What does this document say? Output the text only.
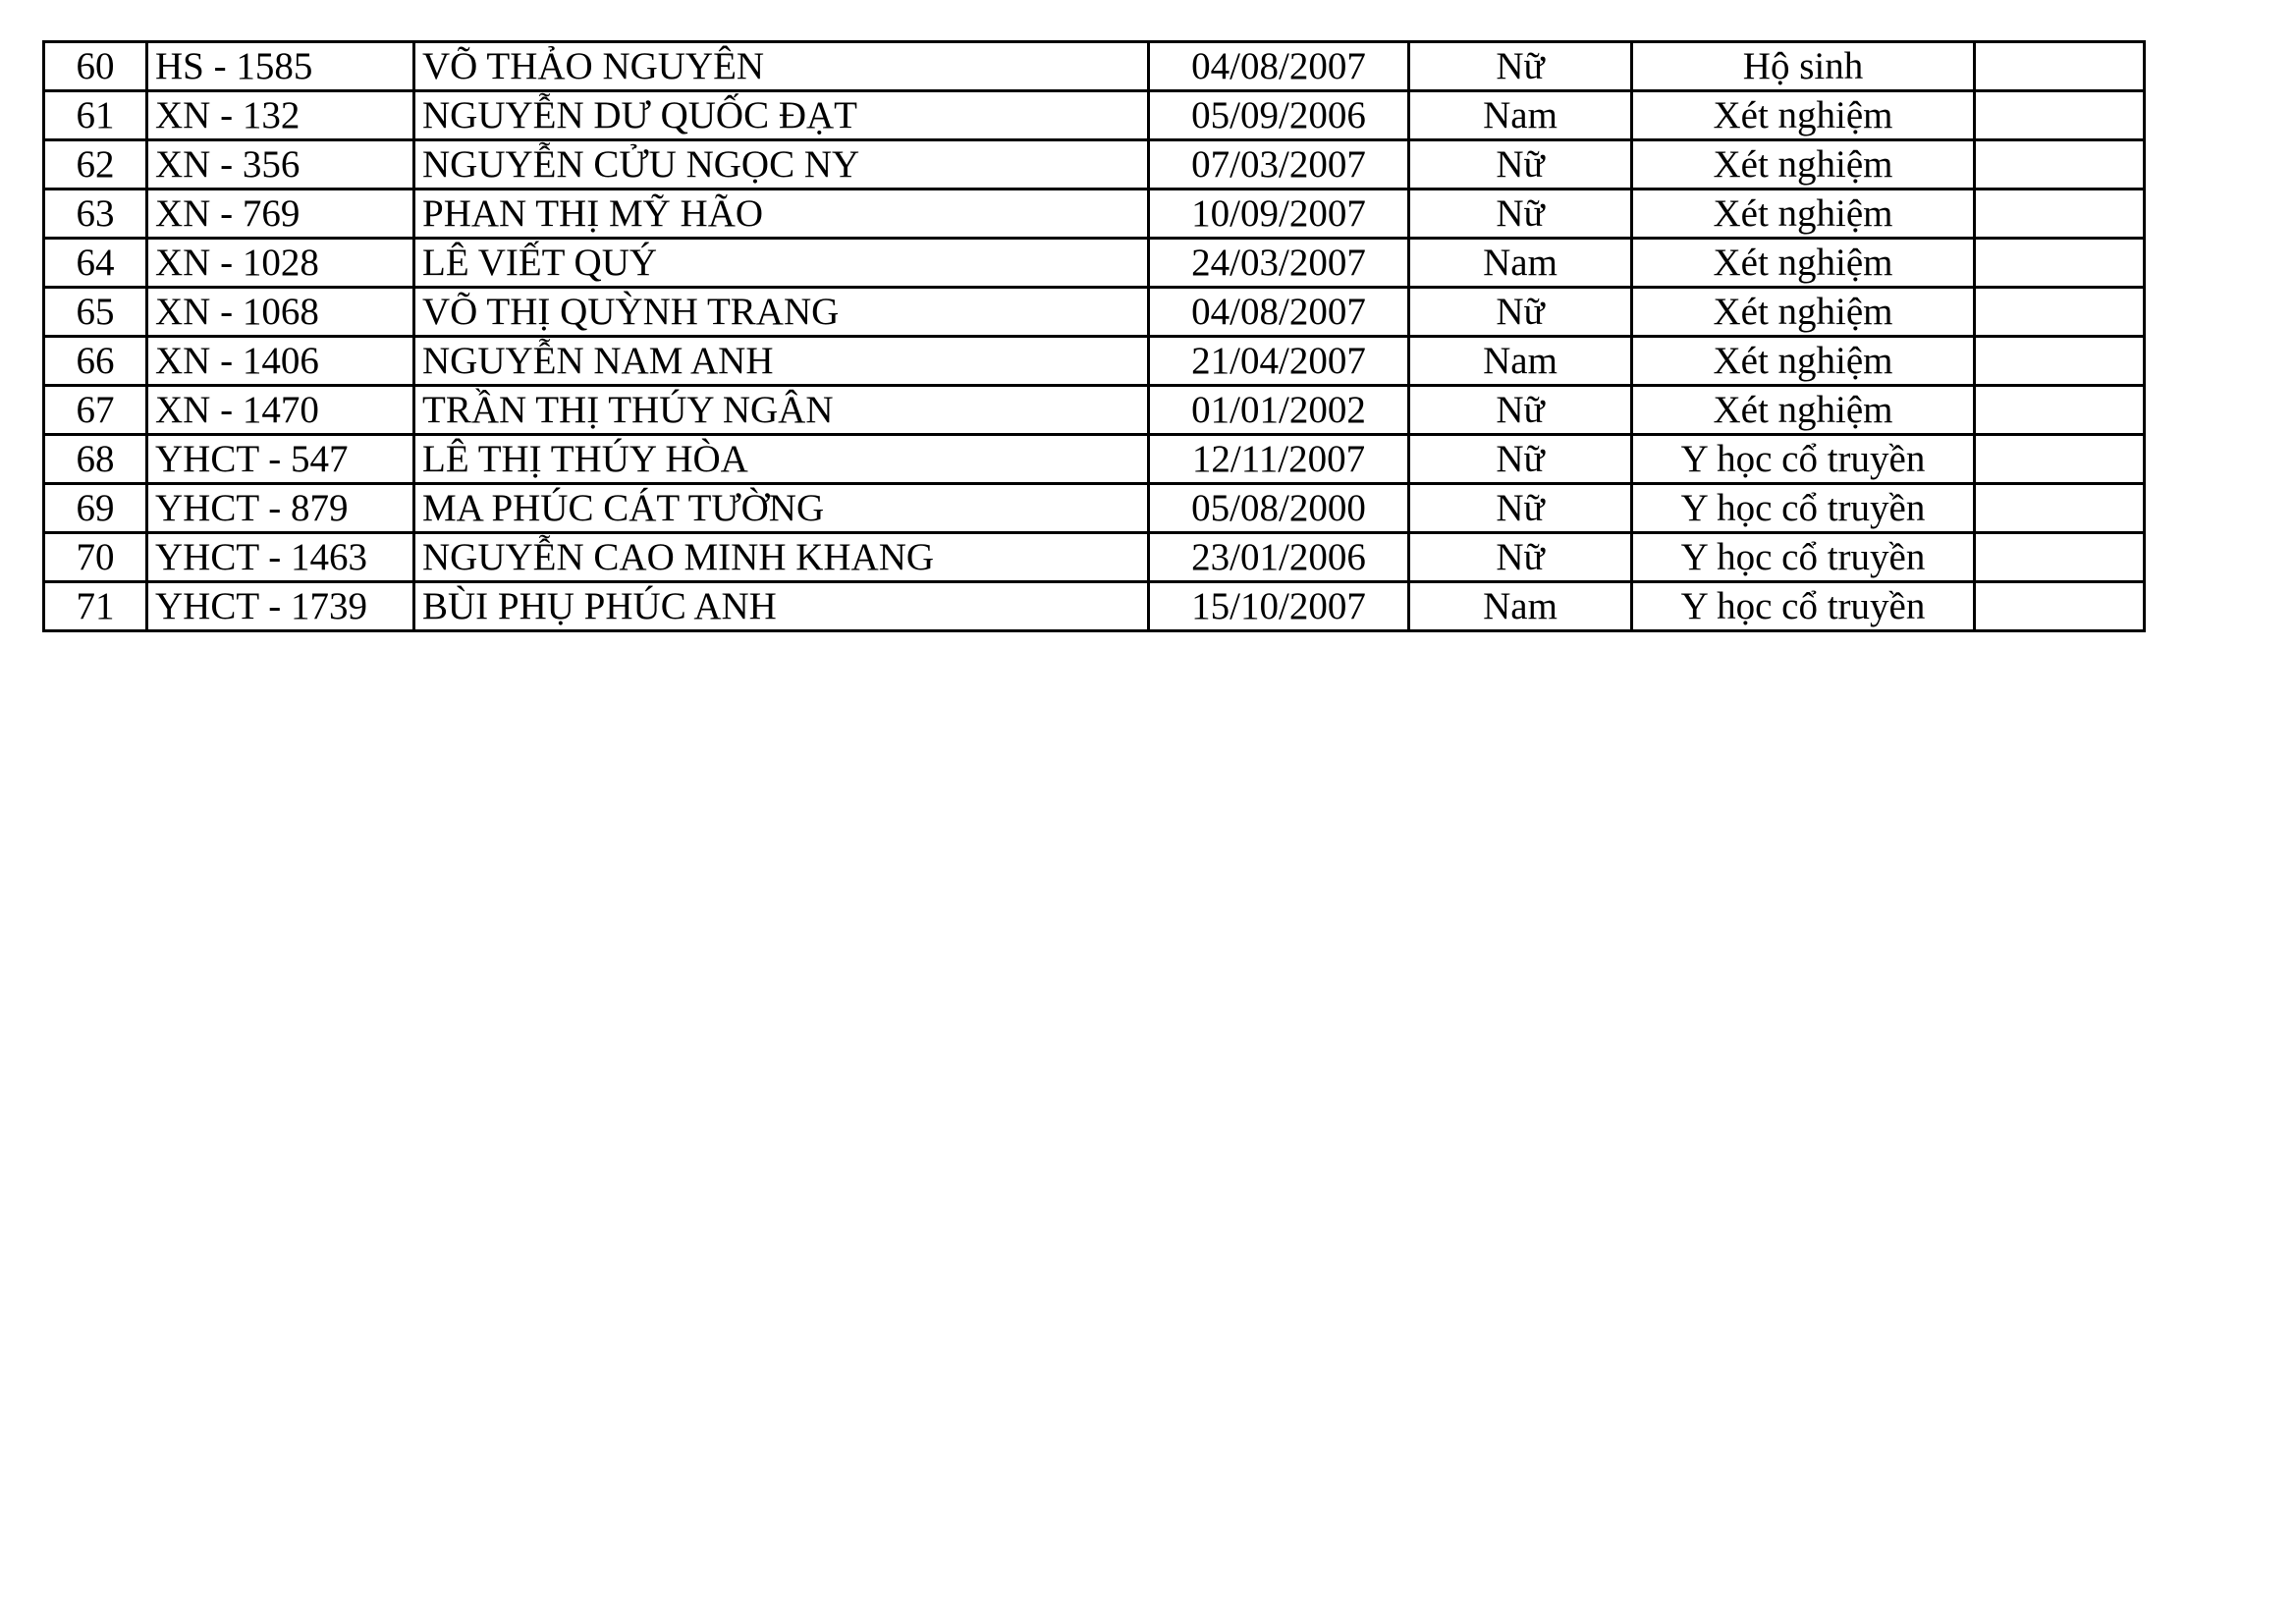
60	HS - 1585	VÕ THẢO NGUYÊN	04/08/2007	Nữ	Hộ sinh	
61	XN - 132	NGUYỄN DƯ QUỐC ĐẠT	05/09/2006	Nam	Xét nghiệm	
62	XN - 356	NGUYỄN CỬU NGỌC NY	07/03/2007	Nữ	Xét nghiệm	
63	XN - 769	PHAN THỊ MỸ HÃO	10/09/2007	Nữ	Xét nghiệm	
64	XN - 1028	LÊ VIẾT QUÝ	24/03/2007	Nam	Xét nghiệm	
65	XN - 1068	VÕ THỊ QUỲNH TRANG	04/08/2007	Nữ	Xét nghiệm	
66	XN - 1406	NGUYỄN NAM ANH	21/04/2007	Nam	Xét nghiệm	
67	XN - 1470	TRẦN THỊ THÚY NGÂN	01/01/2002	Nữ	Xét nghiệm	
68	YHCT - 547	LÊ THỊ THÚY HÒA	12/11/2007	Nữ	Y học cổ truyền	
69	YHCT - 879	MA PHÚC CÁT TƯỜNG	05/08/2000	Nữ	Y học cổ truyền	
70	YHCT - 1463	NGUYỄN CAO MINH KHANG	23/01/2006	Nữ	Y học cổ truyền	
71	YHCT - 1739	BÙI PHỤ PHÚC ANH	15/10/2007	Nam	Y học cổ truyền	
